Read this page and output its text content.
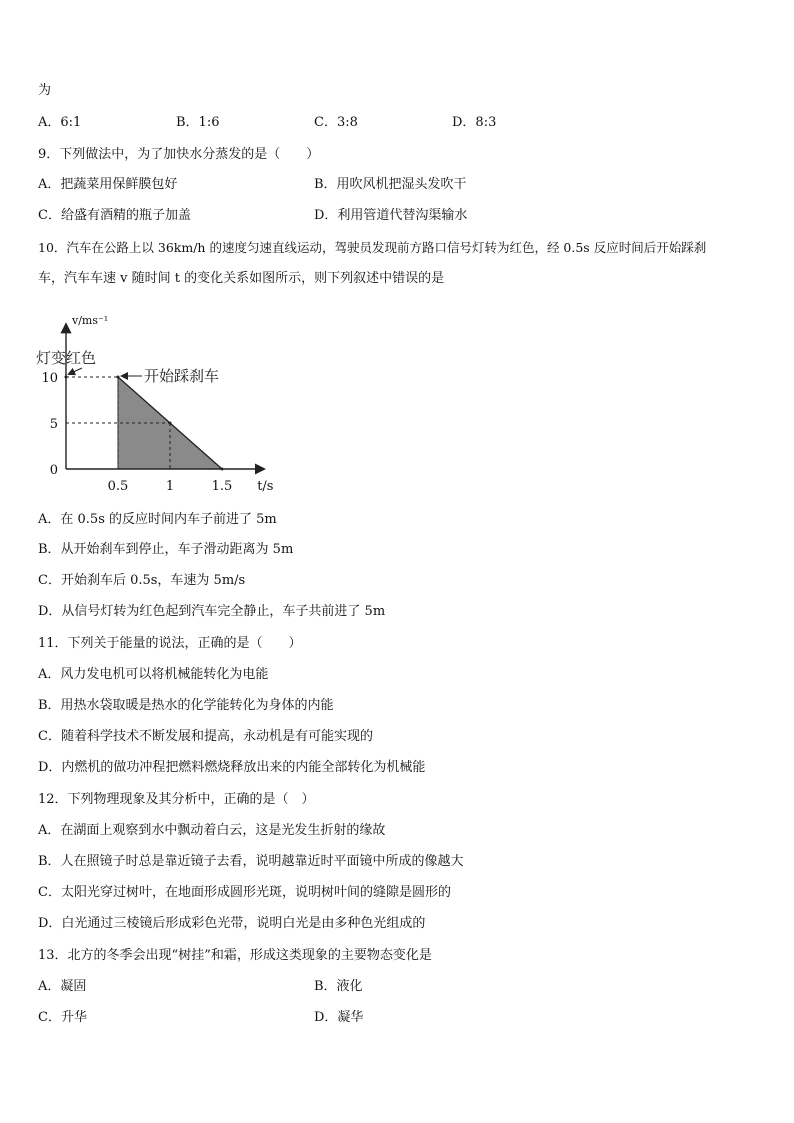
为
A．6:1	B．1:6	C．3:8	D．8:3
9．下列做法中，为了加快水分蒸发的是（　　）
A．把蔬菜用保鲜膜包好	B．用吹风机把湿头发吹干
C．给盛有酒精的瓶子加盖	D．利用管道代替沟渠输水
10．汽车在公路上以 36km/h 的速度匀速直线运动，驾驶员发现前方路口信号灯转为红色，经 0.5s 反应时间后开始踩刹
车，汽车车速 v 随时间 t 的变化关系如图所示，则下列叙述中错误的是
0.5	1	1.5
10
5
0
v/ms⁻¹
t/s
灯变红色
开始踩刹车
A．在 0.5s 的反应时间内车子前进了 5m
B．从开始刹车到停止，车子滑动距离为 5m
C．开始刹车后 0.5s，车速为 5m/s
D．从信号灯转为红色起到汽车完全静止，车子共前进了 5m
11．下列关于能量的说法，正确的是（　　）
A．风力发电机可以将机械能转化为电能
B．用热水袋取暖是热水的化学能转化为身体的内能
C．随着科学技术不断发展和提高，永动机是有可能实现的
D．内燃机的做功冲程把燃料燃烧释放出来的内能全部转化为机械能
12．下列物理现象及其分析中，正确的是（　）
A．在湖面上观察到水中飘动着白云，这是光发生折射的缘故
B．人在照镜子时总是靠近镜子去看，说明越靠近时平面镜中所成的像越大
C．太阳光穿过树叶，在地面形成圆形光斑，说明树叶间的缝隙是圆形的
D．白光通过三棱镜后形成彩色光带，说明白光是由多种色光组成的
13．北方的冬季会出现“树挂”和霜，形成这类现象的主要物态变化是
A．凝固	B．液化
C．升华	D．凝华
